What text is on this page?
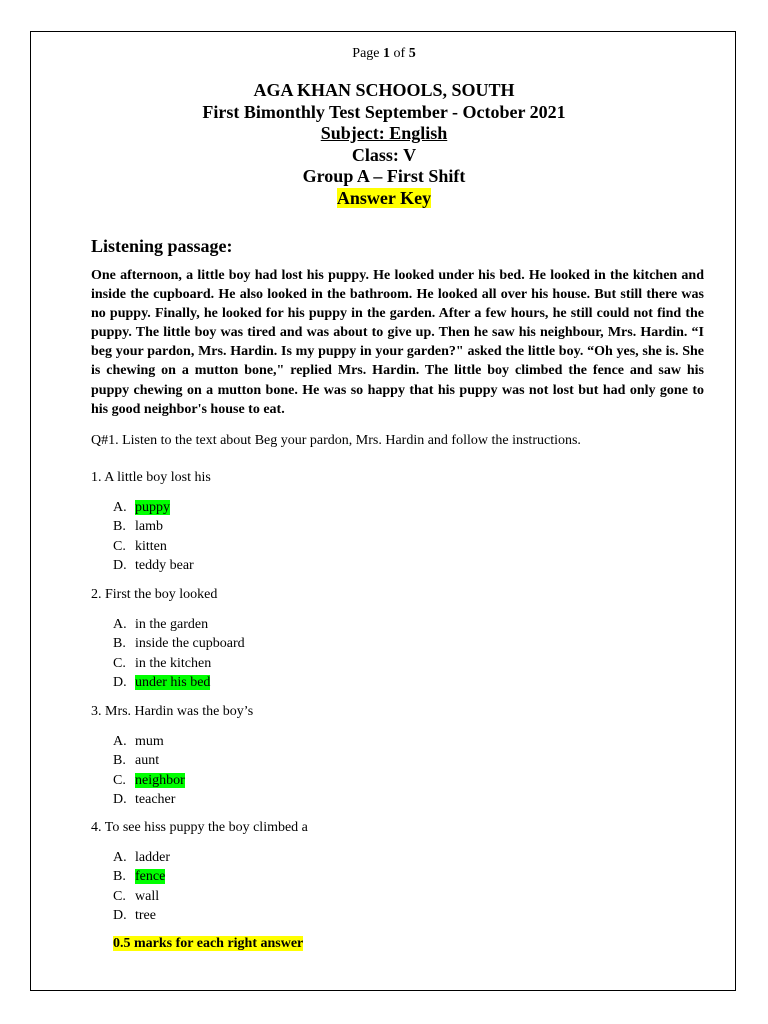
Page 1 of 5
AGA KHAN SCHOOLS, SOUTH
First Bimonthly Test September - October 2021
Subject: English
Class: V
Group A – First Shift
Answer Key
Listening passage:
One afternoon, a little boy had lost his puppy. He looked under his bed. He looked in the kitchen and inside the cupboard. He also looked in the bathroom. He looked all over his house. But still there was no puppy. Finally, he looked for his puppy in the garden. After a few hours, he still could not find the puppy. The little boy was tired and was about to give up. Then he saw his neighbour, Mrs. Hardin. “I beg your pardon, Mrs. Hardin. Is my puppy in your garden?" asked the little boy. “Oh yes, she is. She is chewing on a mutton bone," replied Mrs. Hardin. The little boy climbed the fence and saw his puppy chewing on a mutton bone. He was so happy that his puppy was not lost but had only gone to his good neighbor's house to eat.
Q#1. Listen to the text about Beg your pardon, Mrs. Hardin and follow the instructions.
1. A little boy lost his
A. puppy
B. lamb
C. kitten
D. teddy bear
2. First the boy looked
A. in the garden
B. inside the cupboard
C. in the kitchen
D. under his bed
3. Mrs. Hardin was the boy’s
A. mum
B. aunt
C. neighbor
D. teacher
4. To see hiss puppy the boy climbed a
A. ladder
B. fence
C. wall
D. tree
0.5 marks for each right answer
